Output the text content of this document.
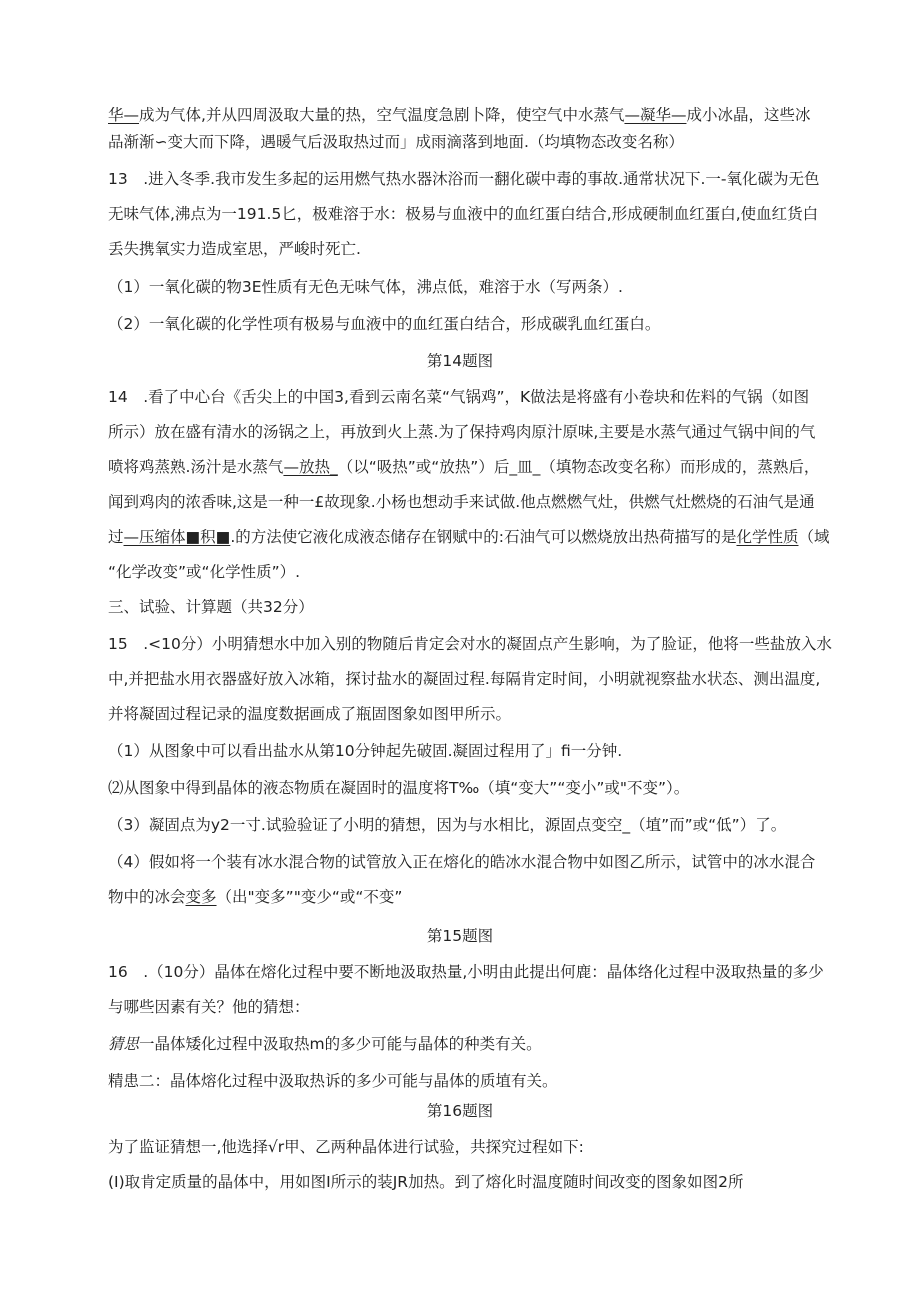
华—成为气体,并从四周汲取大量的热，空气温度急剧卜降，使空气中水蒸气—凝华—成小冰晶，这些冰
品渐渐∽变大而下降，遇暖气后汲取热过而」成雨滴落到地面.（均填物态改变名称）
13　.进入冬季.我市发生多起的运用燃气热水器沐浴而一翻化碳中毒的事故.通常状况下.一-氧化碳为无色
无味气体,沸点为一191.5匕，极难溶于水：极易与血液中的血红蛋白结合,形成硬制血红蛋白,使血红货白
丢失携氧实力造成室思，严峻时死亡.
（1）一氧化碳的物3E性质有无色无味气体，沸点低，难溶于水（写两条）.
（2）一氧化碳的化学性项有极易与血液中的血红蛋白结合，形成碳乳血红蛋白。
第14题图
14　.看了中心台《舌尖上的中国3,看到云南名菜“气锅鸡”，K做法是将盛有小卷块和佐料的气锅（如图
所示）放在盛有清水的汤锅之上，再放到火上蒸.为了保持鸡肉原汁原味,主要是水蒸气通过气锅中间的气
喷将鸡蒸熟.汤汁是水蒸气—放热_（以“吸热”或“放热”）后_皿_（填物态改变名称）而形成的，蒸熟后，
闻到鸡肉的浓香味,这是一种一£故现象.小杨也想动手来试做.他点燃燃气灶，供燃气灶燃烧的石油气是通
过—压缩体■积■.的方法使它液化成液态储存在钢赋中的:石油气可以燃烧放出热荷描写的是化学性质（域
“化学改变”或“化学性质”）.
三、试验、计算题（共32分）
15　.<10分）小明猜想水中加入别的物随后肯定会对水的凝固点产生影响，为了脸证，他将一些盐放入水
中,并把盐水用衣器盛好放入冰箱，探讨盐水的凝固过程.每隔肯定时间，小明就视察盐水状态、测出温度,
并将凝固过程记录的温度数据画成了瓶固图象如图甲所示。
（1）从图象中可以看出盐水从第10分钟起先破固.凝固过程用了」fi一分钟.
⑵从图象中得到晶体的液态物质在凝固时的温度将T‰（填“变大”“变小”或"不变”）。
（3）凝固点为y2一寸.试验验证了小明的猜想，因为与水相比，源固点变空_（埴”而”或“低”）了。
（4）假如将一个装有冰水混合物的试管放入正在熔化的皓冰水混合物中如图乙所示，试管中的冰水混合
物中的冰会变多（出"变多”"变少“或“不变”
第15题图
16　.（10分）晶体在熔化过程中要不断地汲取热量,小明由此提出何鹿：晶体络化过程中汲取热量的多少
与哪些因素有关？他的猜想：
猜思一晶体矮化过程中汲取热m的多少可能与晶体的种类有关。
精患二：晶体熔化过程中汲取热诉的多少可能与晶体的质埴有关。
第16题图
为了监证猜想一,他选择√r甲、乙两种晶体进行试验，共探究过程如下:
(I)取肯定质量的晶体中，用如图I所示的装JR加热。到了熔化时温度随时间改变的图象如图2所
